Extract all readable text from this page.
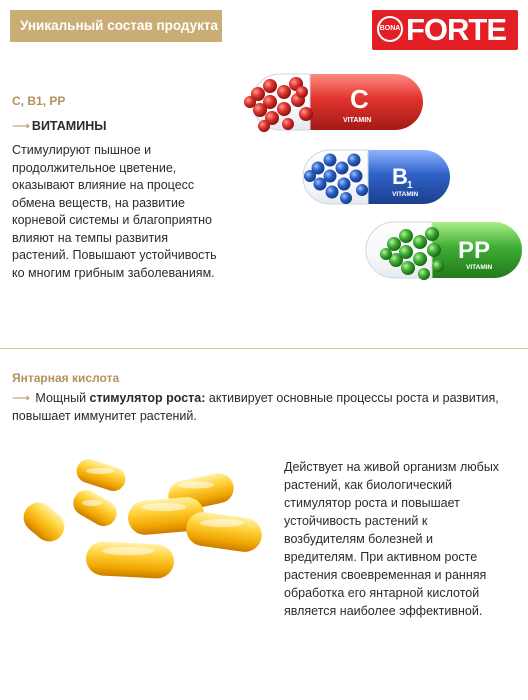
Уникальный состав продукта	BONA FORTE
C, B1, PP
⟶ ВИТАМИНЫ
Стимулируют пышное и продолжительное цветение, оказывают влияние на процесс обмена веществ, на развитие корневой системы и благоприятно влияют на темпы развития растений. Повышают устойчивость ко многим грибным заболеваниям.
C
VITAMIN
B 1
VITAMIN
PP
VITAMIN
Янтарная кислота
⟶ Мощный стимулятор роста: активирует основные процессы роста и развития, повышает иммунитет растений.
Действует на живой организм любых растений, как биологический стимулятор роста и повышает устойчивость растений к возбудителям болезней и вредителям. При активном росте растения своевременная и ранняя обработка его янтарной кислотой является наиболее эффективной.
